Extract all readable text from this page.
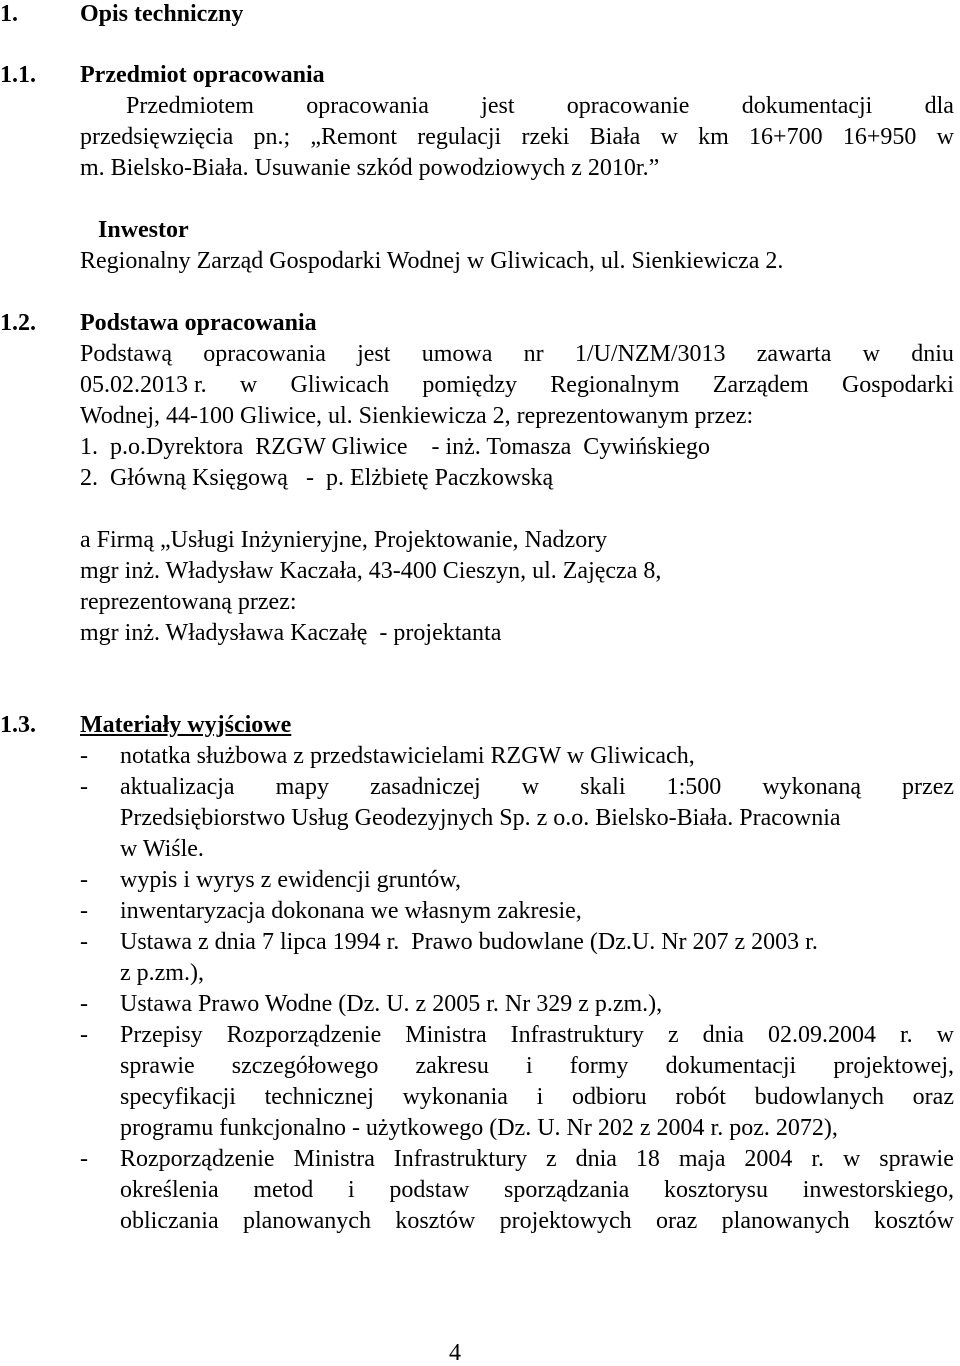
1.	Opis techniczny
1.1. Przedmiot opracowania
Przedmiotem opracowania jest opracowanie dokumentacji dla
przedsięwzięcia pn.; „Remont regulacji rzeki Biała w km 16+700 16+950 w
m. Bielsko-Biała. Usuwanie szkód powodziowych z 2010r.”
Inwestor
Regionalny Zarząd Gospodarki Wodnej w Gliwicach, ul. Sienkiewicza 2.
1.2. Podstawa opracowania
Podstawą opracowania jest umowa nr 1/U/NZM/3013 zawarta w dniu
05.02.2013 r. w Gliwicach pomiędzy Regionalnym Zarządem Gospodarki
Wodnej, 44-100 Gliwice, ul. Sienkiewicza 2, reprezentowanym przez:
1.  p.o.Dyrektora  RZGW Gliwice    - inż. Tomasza  Cywińskiego
2.  Główną Księgową   -  p. Elżbietę Paczkowską
a Firmą „Usługi Inżynieryjne, Projektowanie, Nadzory
mgr inż. Władysław Kaczała, 43-400 Cieszyn, ul. Zajęcza 8,
reprezentowaną przez:
mgr inż. Władysława Kaczałę  - projektanta
1.3. Materiały wyjściowe
- notatka służbowa z przedstawicielami RZGW w Gliwicach,
- aktualizacja mapy zasadniczej w skali 1:500 wykonaną przez
Przedsiębiorstwo Usług Geodezyjnych Sp. z o.o. Bielsko-Biała. Pracownia
w Wiśle.
- wypis i wyrys z ewidencji gruntów,
- inwentaryzacja dokonana we własnym zakresie,
- Ustawa z dnia 7 lipca 1994 r.  Prawo budowlane (Dz.U. Nr 207 z 2003 r.
z p.zm.),
- Ustawa Prawo Wodne (Dz. U. z 2005 r. Nr 329 z p.zm.),
- Przepisy Rozporządzenie Ministra Infrastruktury z dnia 02.09.2004 r. w
sprawie szczegółowego zakresu i formy dokumentacji projektowej,
specyfikacji technicznej wykonania i odbioru robót budowlanych oraz
programu funkcjonalno - użytkowego (Dz. U. Nr 202 z 2004 r. poz. 2072),
- Rozporządzenie Ministra Infrastruktury z dnia 18 maja 2004 r. w sprawie
określenia metod i podstaw sporządzania kosztorysu inwestorskiego,
obliczania planowanych kosztów projektowych oraz planowanych kosztów
4
